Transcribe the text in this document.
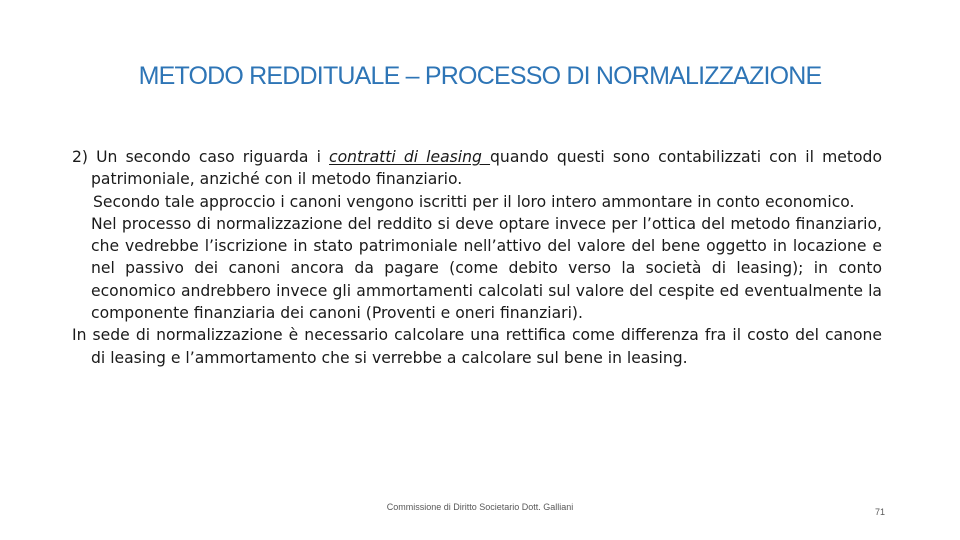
METODO REDDITUALE – PROCESSO DI NORMALIZZAZIONE

2) Un secondo caso riguarda i contratti di leasing quando questi sono contabilizzati con il metodo patrimoniale, anziché con il metodo finanziario.

Secondo tale approccio i canoni vengono iscritti per il loro intero ammontare in conto economico.

Nel processo di normalizzazione del reddito si deve optare invece per l’ottica del metodo finanziario, che vedrebbe l’iscrizione in stato patrimoniale nell’attivo del valore del bene oggetto in locazione e nel passivo dei canoni ancora da pagare (come debito verso la società di leasing); in conto economico andrebbero invece gli ammortamenti calcolati sul valore del cespite ed eventualmente la componente finanziaria dei canoni (Proventi e oneri finanziari).

In sede di normalizzazione è necessario calcolare una rettifica come differenza fra il costo del canone di leasing e l’ammortamento che si verrebbe a calcolare sul bene in leasing.

Commissione di Diritto Societario Dott. Galliani	71
